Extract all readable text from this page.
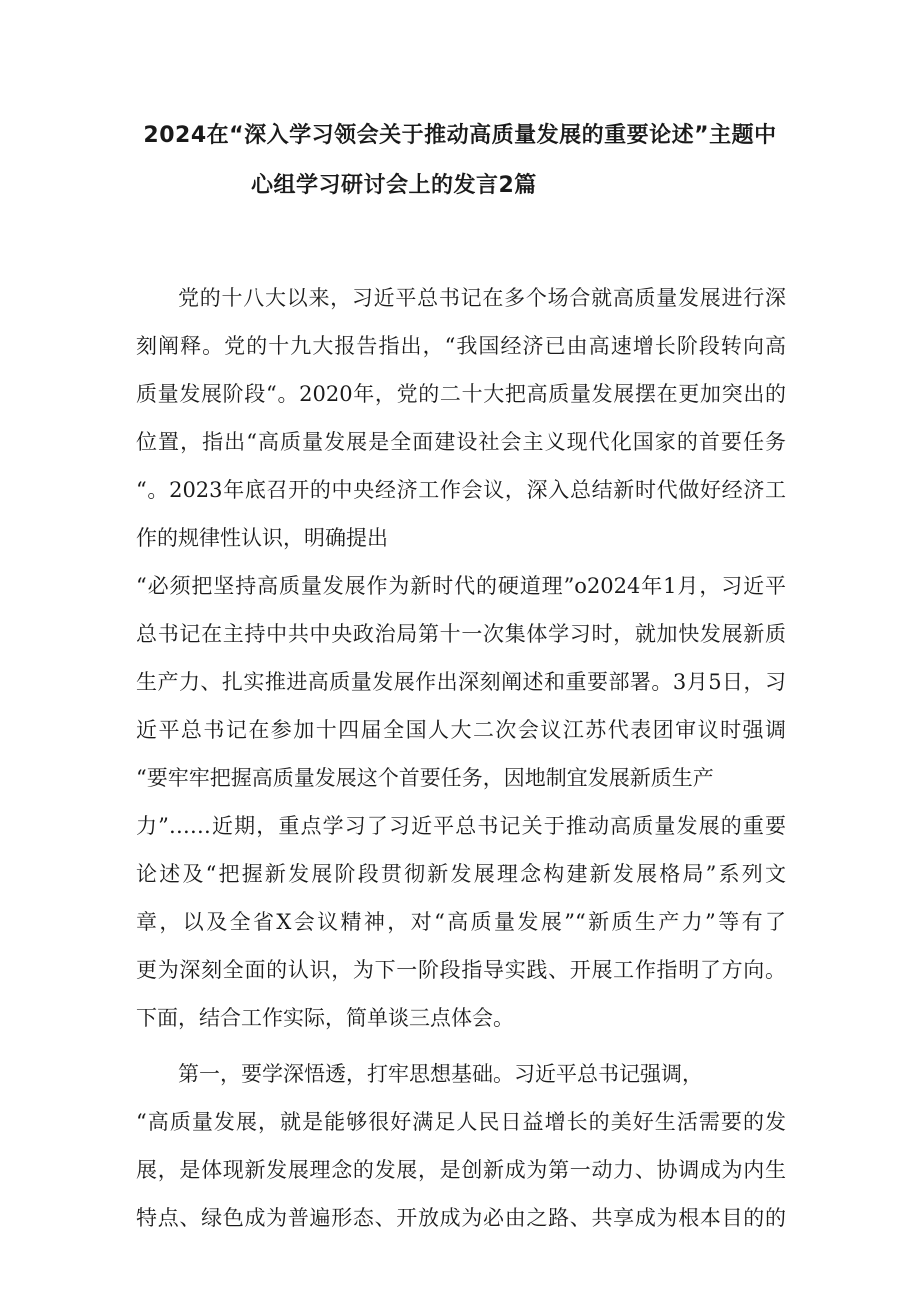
2024在“深入学习领会关于推动高质量发展的重要论述”主题中
心组学习研讨会上的发言2篇
党的十八大以来，习近平总书记在多个场合就高质量发展进行深
刻阐释。党的十九大报告指出，“我国经济已由高速增长阶段转向高
质量发展阶段“。2020年，党的二十大把高质量发展摆在更加突出的
位置，指出“高质量发展是全面建设社会主义现代化国家的首要任务
“。2023年底召开的中央经济工作会议，深入总结新时代做好经济工
作的规律性认识，明确提出
“必须把坚持高质量发展作为新时代的硬道理”o2024年1月，习近平
总书记在主持中共中央政治局第十一次集体学习时，就加快发展新质
生产力、扎实推进高质量发展作出深刻阐述和重要部署。3月5日，习
近平总书记在参加十四届全国人大二次会议江苏代表团审议时强调
“要牢牢把握高质量发展这个首要任务，因地制宜发展新质生产
力”……近期，重点学习了习近平总书记关于推动高质量发展的重要
论述及“把握新发展阶段贯彻新发展理念构建新发展格局”系列文
章，以及全省X会议精神，对“高质量发展”“新质生产力”等有了
更为深刻全面的认识，为下一阶段指导实践、开展工作指明了方向。
下面，结合工作实际，简单谈三点体会。
第一，要学深悟透，打牢思想基础。习近平总书记强调，
“高质量发展，就是能够很好满足人民日益增长的美好生活需要的发
展，是体现新发展理念的发展，是创新成为第一动力、协调成为内生
特点、绿色成为普遍形态、开放成为必由之路、共享成为根本目的的
